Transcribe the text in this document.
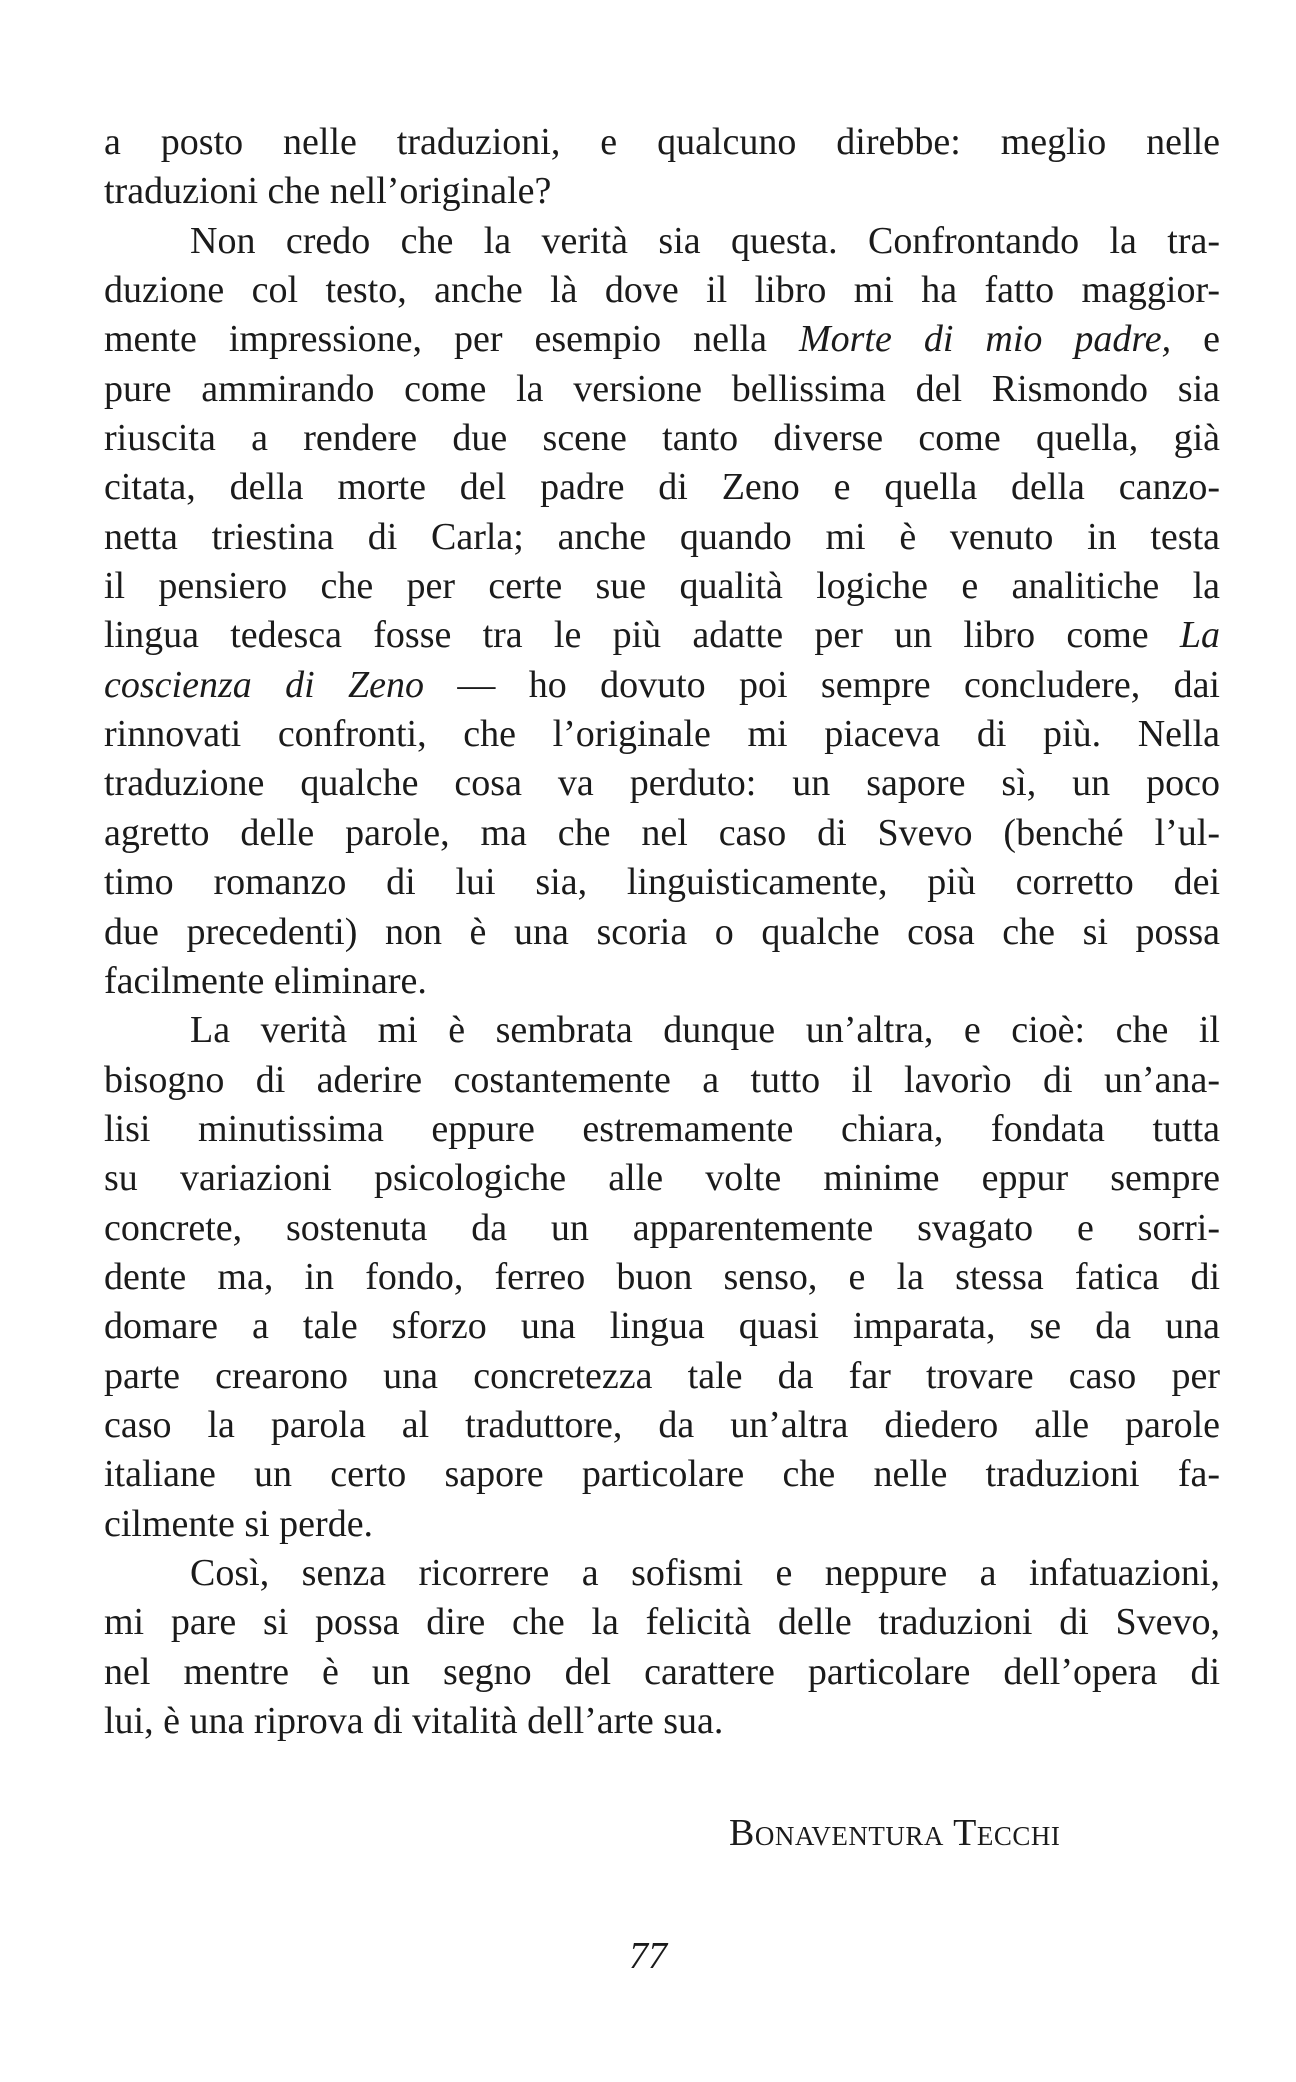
a posto nelle traduzioni, e qualcuno direbbe: meglio nelle
traduzioni che nell’originale?
Non credo che la verità sia questa. Confrontando la tra-
duzione col testo, anche là dove il libro mi ha fatto maggior-
mente impressione, per esempio nella Morte di mio padre, e
pure ammirando come la versione bellissima del Rismondo sia
riuscita a rendere due scene tanto diverse come quella, già
citata, della morte del padre di Zeno e quella della canzo-
netta triestina di Carla; anche quando mi è venuto in testa
il pensiero che per certe sue qualità logiche e analitiche la
lingua tedesca fosse tra le più adatte per un libro come La
coscienza di Zeno — ho dovuto poi sempre concludere, dai
rinnovati confronti, che l’originale mi piaceva di più. Nella
traduzione qualche cosa va perduto: un sapore sì, un poco
agretto delle parole, ma che nel caso di Svevo (benché l’ul-
timo romanzo di lui sia, linguisticamente, più corretto dei
due precedenti) non è una scoria o qualche cosa che si possa
facilmente eliminare.
La verità mi è sembrata dunque un’altra, e cioè: che il
bisogno di aderire costantemente a tutto il lavorìo di un’ana-
lisi minutissima eppure estremamente chiara, fondata tutta
su variazioni psicologiche alle volte minime eppur sempre
concrete, sostenuta da un apparentemente svagato e sorri-
dente ma, in fondo, ferreo buon senso, e la stessa fatica di
domare a tale sforzo una lingua quasi imparata, se da una
parte crearono una concretezza tale da far trovare caso per
caso la parola al traduttore, da un’altra diedero alle parole
italiane un certo sapore particolare che nelle traduzioni fa-
cilmente si perde.
Così, senza ricorrere a sofismi e neppure a infatuazioni,
mi pare si possa dire che la felicità delle traduzioni di Svevo,
nel mentre è un segno del carattere particolare dell’opera di
lui, è una riprova di vitalità dell’arte sua.
Bonaventura Tecchi
77
